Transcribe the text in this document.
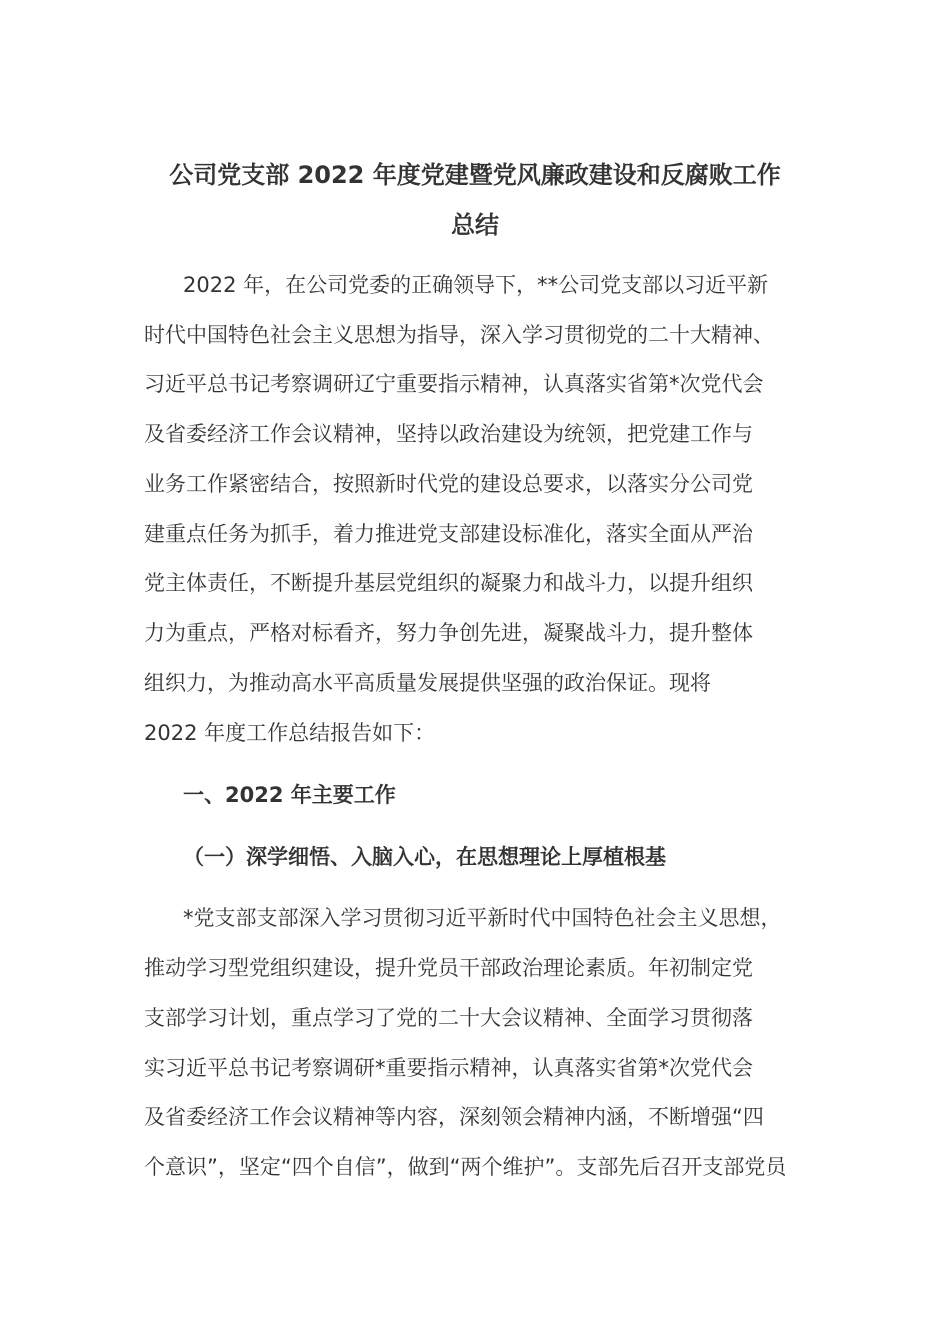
公司党支部 2022 年度党建暨党风廉政建设和反腐败工作
总结
2022 年，在公司党委的正确领导下，**公司党支部以习近平新
时代中国特色社会主义思想为指导，深入学习贯彻党的二十大精神、
习近平总书记考察调研辽宁重要指示精神，认真落实省第*次党代会
及省委经济工作会议精神，坚持以政治建设为统领，把党建工作与
业务工作紧密结合，按照新时代党的建设总要求，以落实分公司党
建重点任务为抓手，着力推进党支部建设标准化，落实全面从严治
党主体责任，不断提升基层党组织的凝聚力和战斗力，以提升组织
力为重点，严格对标看齐，努力争创先进，凝聚战斗力，提升整体
组织力，为推动高水平高质量发展提供坚强的政治保证。现将
2022 年度工作总结报告如下：
一、2022 年主要工作
（一）深学细悟、入脑入心，在思想理论上厚植根基
*党支部支部深入学习贯彻习近平新时代中国特色社会主义思想，
推动学习型党组织建设，提升党员干部政治理论素质。年初制定党
支部学习计划，重点学习了党的二十大会议精神、全面学习贯彻落
实习近平总书记考察调研*重要指示精神，认真落实省第*次党代会
及省委经济工作会议精神等内容，深刻领会精神内涵，不断增强“四
个意识”，坚定“四个自信”，做到“两个维护”。支部先后召开支部党员
